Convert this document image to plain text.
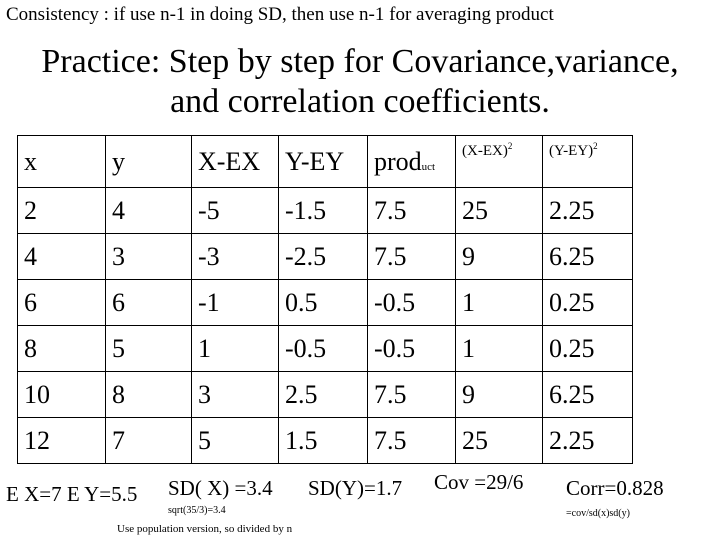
Consistency : if use n-1 in doing SD, then use n-1 for averaging product
Practice: Step by step for Covariance,variance,
and correlation coefficients.
x	y	X-EX	Y-EY	product	$(X-EX)^2$	$(Y-EY)^2$
2	4	-5	-1.5	7.5	25	2.25
4	3	-3	-2.5	7.5	9	6.25
6	6	-1	0.5	-0.5	1	0.25
8	5	1	-0.5	-0.5	1	0.25
10	8	3	2.5	7.5	9	6.25
12	7	5	1.5	7.5	25	2.25
E X=7 E Y=5.5 SD( X) =3.4 SD(Y)=1.7 Cov =29/6 Corr=0.828
sqrt(35/3)=3.4
Use population version, so divided by n
=cov/sd(x)sd(y)
